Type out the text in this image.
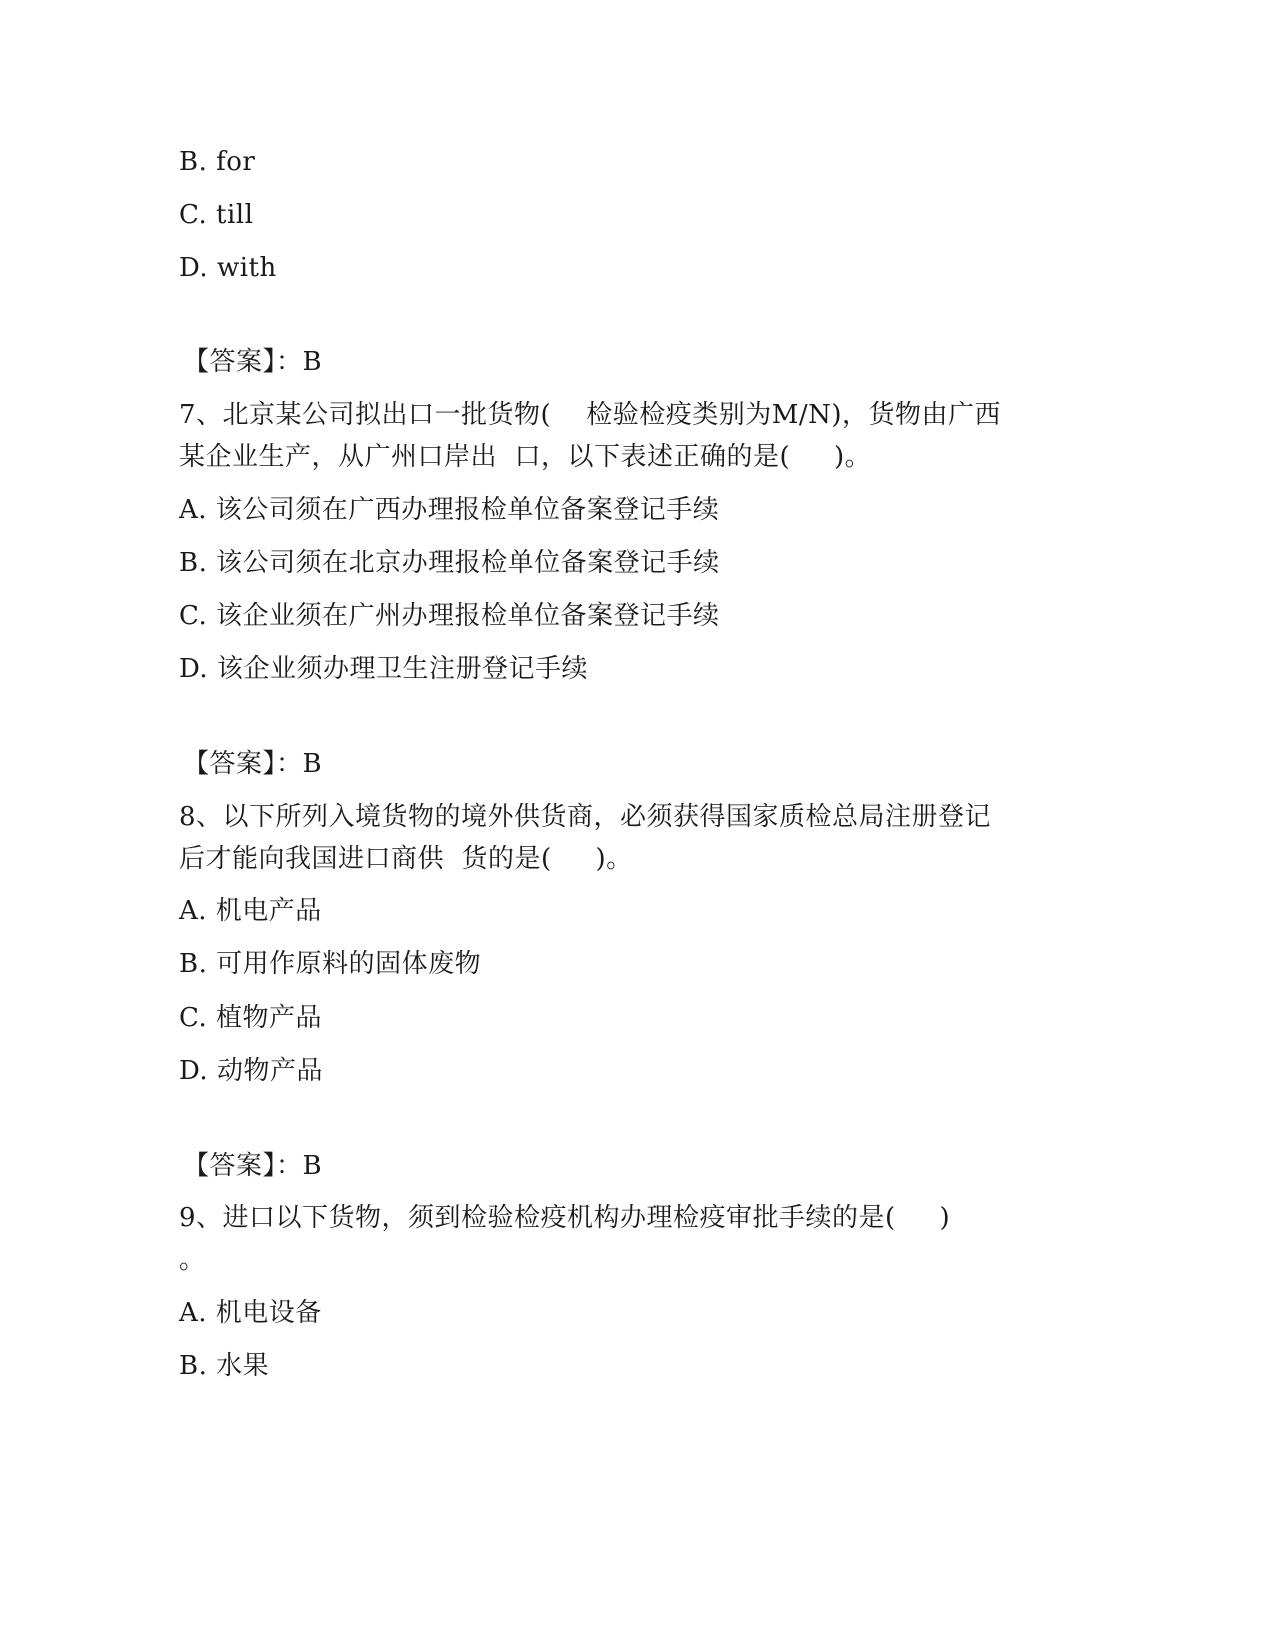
B. for
C. till
D. with
【答案】：B
7、北京某公司拟出口一批货物(    检验检疫类别为M/N)，货物由广西
某企业生产，从广州口岸出  口，以下表述正确的是(     )。
A. 该公司须在广西办理报检单位备案登记手续
B. 该公司须在北京办理报检单位备案登记手续
C. 该企业须在广州办理报检单位备案登记手续
D. 该企业须办理卫生注册登记手续
【答案】：B
8、以下所列入境货物的境外供货商，必须获得国家质检总局注册登记
后才能向我国进口商供  货的是(     )。
A. 机电产品
B. 可用作原料的固体废物
C. 植物产品
D. 动物产品
【答案】：B
9、进口以下货物，须到检验检疫机构办理检疫审批手续的是(     )
。
A. 机电设备
B. 水果
